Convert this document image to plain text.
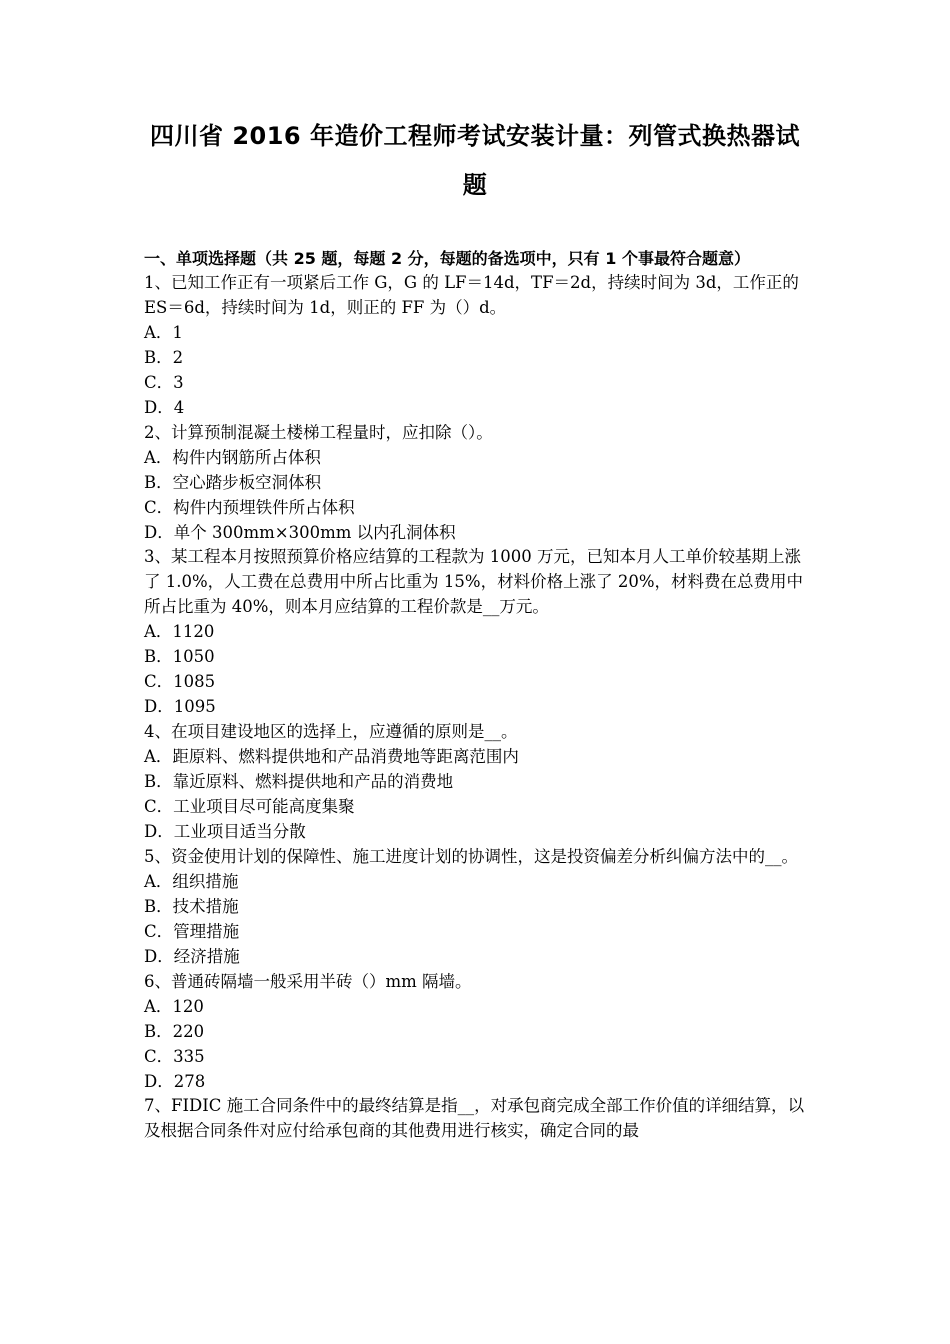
四川省 2016 年造价工程师考试安装计量：列管式换热器试题

一、单项选择题（共 25 题，每题 2 分，每题的备选项中，只有 1 个事最符合题意）

1、已知工作正有一项紧后工作 G，G 的 LF＝14d，TF＝2d，持续时间为 3d，工作正的 ES＝6d，持续时间为 1d，则正的 FF 为（）d。

A．1

B．2

C．3

D．4

2、计算预制混凝土楼梯工程量时，应扣除（）。

A．构件内钢筋所占体积

B．空心踏步板空洞体积

C．构件内预埋铁件所占体积

D．单个 300mm×300mm 以内孔洞体积

3、某工程本月按照预算价格应结算的工程款为 1000 万元，已知本月人工单价较基期上涨了 1.0%，人工费在总费用中所占比重为 15%，材料价格上涨了 20%，材料费在总费用中所占比重为 40%，则本月应结算的工程价款是__万元。

A．1120

B．1050

C．1085

D．1095

4、在项目建设地区的选择上，应遵循的原则是__。

A．距原料、燃料提供地和产品消费地等距离范围内

B．靠近原料、燃料提供地和产品的消费地

C．工业项目尽可能高度集聚

D．工业项目适当分散

5、资金使用计划的保障性、施工进度计划的协调性，这是投资偏差分析纠偏方法中的__。

A．组织措施

B．技术措施

C．管理措施

D．经济措施

6、普通砖隔墙一般采用半砖（）mm 隔墙。

A．120

B．220

C．335

D．278

7、FIDIC 施工合同条件中的最终结算是指__，对承包商完成全部工作价值的详细结算，以及根据合同条件对应付给承包商的其他费用进行核实，确定合同的最
